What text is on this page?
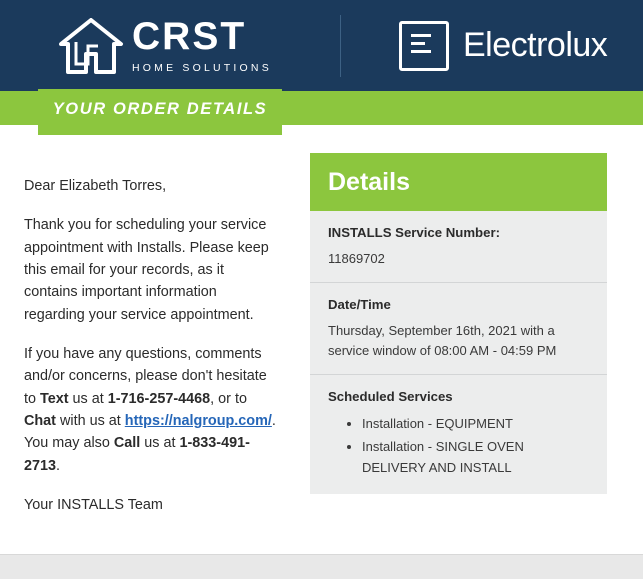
CRST
HOME SOLUTIONS
Electrolux
YOUR ORDER DETAILS

Dear Elizabeth Torres,

Thank you for scheduling your service appointment with Installs. Please keep this email for your records, as it contains important information regarding your service appointment.

If you have any questions, comments and/or concerns, please don't hesitate to Text us at 1-716-257-4468, or to Chat with us at https://nalgroup.com/. You may also Call us at 1-833-491-2713.

Your INSTALLS Team

Details
INSTALLS Service Number:
11869702
Date/Time
Thursday, September 16th, 2021 with a service window of 08:00 AM - 04:59 PM
Scheduled Services
• Installation - EQUIPMENT
• Installation - SINGLE OVEN DELIVERY AND INSTALL
MPLAINTS
BOARD RESOLVING
